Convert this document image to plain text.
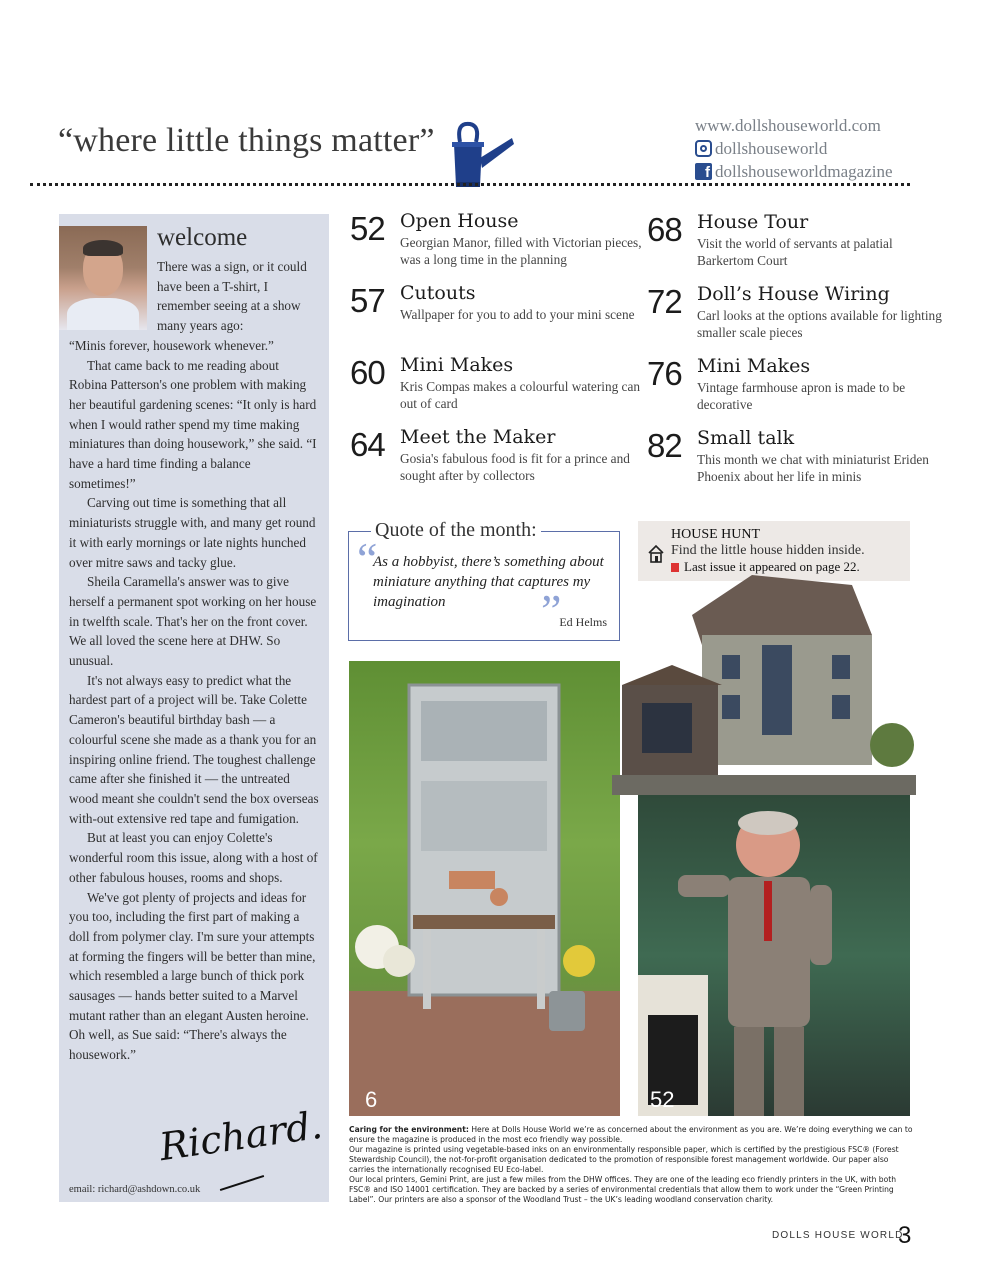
“where little things matter”	www.dollshouseworld.com
dollshouseworld
f dollshouseworldmagazine
welcome
There was a sign, or it could have been a T-shirt, I remember seeing at a show many years ago:

“Minis forever, housework whenever.”

That came back to me reading about Robina Patterson's one problem with making her beautiful gardening scenes: “It only is hard when I would rather spend my time making miniatures than doing housework,” she said. “I have a hard time finding a balance sometimes!”

Carving out time is something that all miniaturists struggle with, and many get round it with early mornings or late nights hunched over mitre saws and tacky glue.

Sheila Caramella's answer was to give herself a permanent spot working on her house in twelfth scale. That's her on the front cover. We all loved the scene here at DHW. So unusual.

It's not always easy to predict what the hardest part of a project will be. Take Colette Cameron's beautiful birthday bash — a colourful scene she made as a thank you for an inspiring online friend. The toughest challenge came after she finished it — the untreated wood meant she couldn't send the box overseas with-out extensive red tape and fumigation.

But at least you can enjoy Colette's wonderful room this issue, along with a host of other fabulous houses, rooms and shops.

We've got plenty of projects and ideas for you too, including the first part of making a doll from polymer clay. I'm sure your attempts at forming the fingers will be better than mine, which resembled a large bunch of thick pork sausages — hands better suited to a Marvel mutant rather than an elegant Austen heroine. Oh well, as Sue said: “There's always the housework.”

Richard.
email: richard@ashdown.co.uk
52 Open House
Georgian Manor, filled with Victorian pieces, was a long time in the planning
57 Cutouts
Wallpaper for you to add to your mini scene
60 Mini Makes
Kris Compas makes a colourful watering can out of card
64 Meet the Maker
Gosia's fabulous food is fit for a prince and sought after by collectors
68 House Tour
Visit the world of servants at palatial Barkertom Court
72 Doll’s House Wiring
Carl looks at the options available for lighting smaller scale pieces
76 Mini Makes
Vintage farmhouse apron is made to be decorative
82 Small talk
This month we chat with miniaturist Eriden Phoenix about her life in minis
Quote of the month:
“
As a hobbyist, there’s something about miniature anything that captures my imagination	”
Ed Helms
HOUSE HUNT
Find the little house hidden inside.
Last issue it appeared on page 22.
6	52
Caring for the environment: Here at Dolls House World we’re as concerned about the environment as you are. We’re doing everything we can to ensure the magazine is produced in the most eco friendly way possible.
Our magazine is printed using vegetable-based inks on an environmentally responsible paper, which is certified by the prestigious FSC® (Forest Stewardship Council), the not-for-profit organisation dedicated to the promotion of responsible forest management worldwide. Our paper also carries the internationally recognised EU Eco-label.
Our local printers, Gemini Print, are just a few miles from the DHW offices. They are one of the leading eco friendly printers in the UK, with both FSC® and ISO 14001 certification. They are backed by a series of environmental credentials that allow them to work under the “Green Printing Label”. Our printers are also a sponsor of the Woodland Trust – the UK’s leading woodland conservation charity.
DOLLS HOUSE WORLD
3
